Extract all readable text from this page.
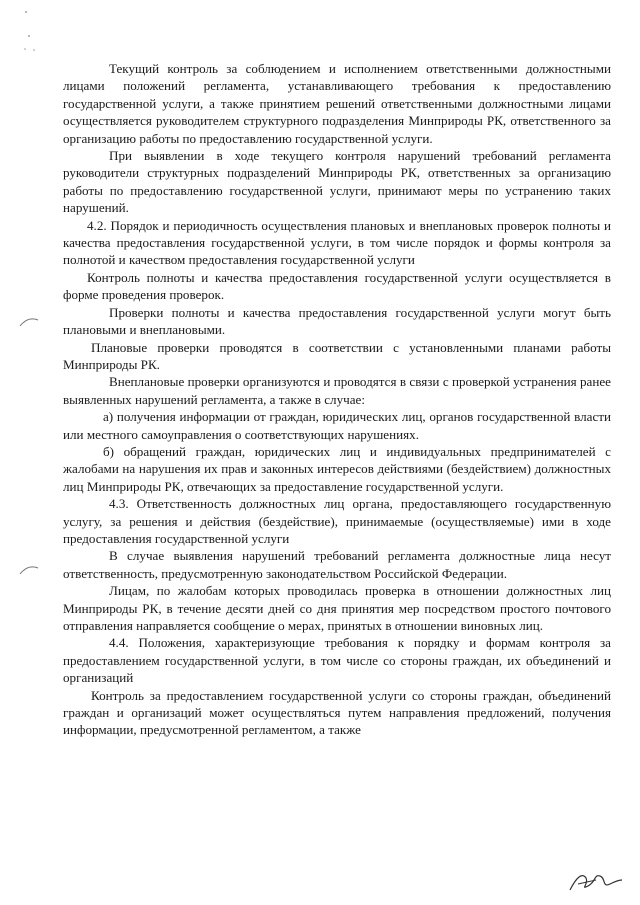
Текущий контроль за соблюдением и исполнением ответственными должностными лицами положений регламента, устанавливающего требования к предоставлению государственной услуги, а также принятием решений ответственными должностными лицами осуществляется руководителем структурного подразделения Минприроды РК, ответственного за организацию работы по предоставлению государственной услуги.

При выявлении в ходе текущего контроля нарушений требований регламента руководители структурных подразделений Минприроды РК, ответственных за организацию работы по предоставлению государственной услуги, принимают меры по устранению таких нарушений.

4.2. Порядок и периодичность осуществления плановых и внеплановых проверок полноты и качества предоставления государственной услуги, в том числе порядок и формы контроля за полнотой и качеством предоставления государственной услуги

Контроль полноты и качества предоставления государственной услуги осуществляется в форме проведения проверок.

Проверки полноты и качества предоставления государственной услуги могут быть плановыми и внеплановыми.

Плановые проверки проводятся в соответствии с установленными планами работы Минприроды РК.

Внеплановые проверки организуются и проводятся в связи с проверкой устранения ранее выявленных нарушений регламента, а также в случае:

а) получения информации от граждан, юридических лиц, органов государственной власти или местного самоуправления о соответствующих нарушениях.

б) обращений граждан, юридических лиц и индивидуальных предпринимателей с жалобами на нарушения их прав и законных интересов действиями (бездействием) должностных лиц Минприроды РК, отвечающих за предоставление государственной услуги.

4.3. Ответственность должностных лиц органа, предоставляющего государственную услугу, за решения и действия (бездействие), принимаемые (осуществляемые) ими в ходе предоставления государственной услуги

В случае выявления нарушений требований регламента должностные лица несут ответственность, предусмотренную законодательством Российской Федерации.

Лицам, по жалобам которых проводилась проверка в отношении должностных лиц Минприроды РК, в течение десяти дней со дня принятия мер посредством простого почтового отправления направляется сообщение о мерах, принятых в отношении виновных лиц.

4.4. Положения, характеризующие требования к порядку и формам контроля за предоставлением государственной услуги, в том числе со стороны граждан, их объединений и организаций

Контроль за предоставлением государственной услуги со стороны граждан, объединений граждан и организаций может осуществляться путем направления предложений, получения информации, предусмотренной регламентом, а также
